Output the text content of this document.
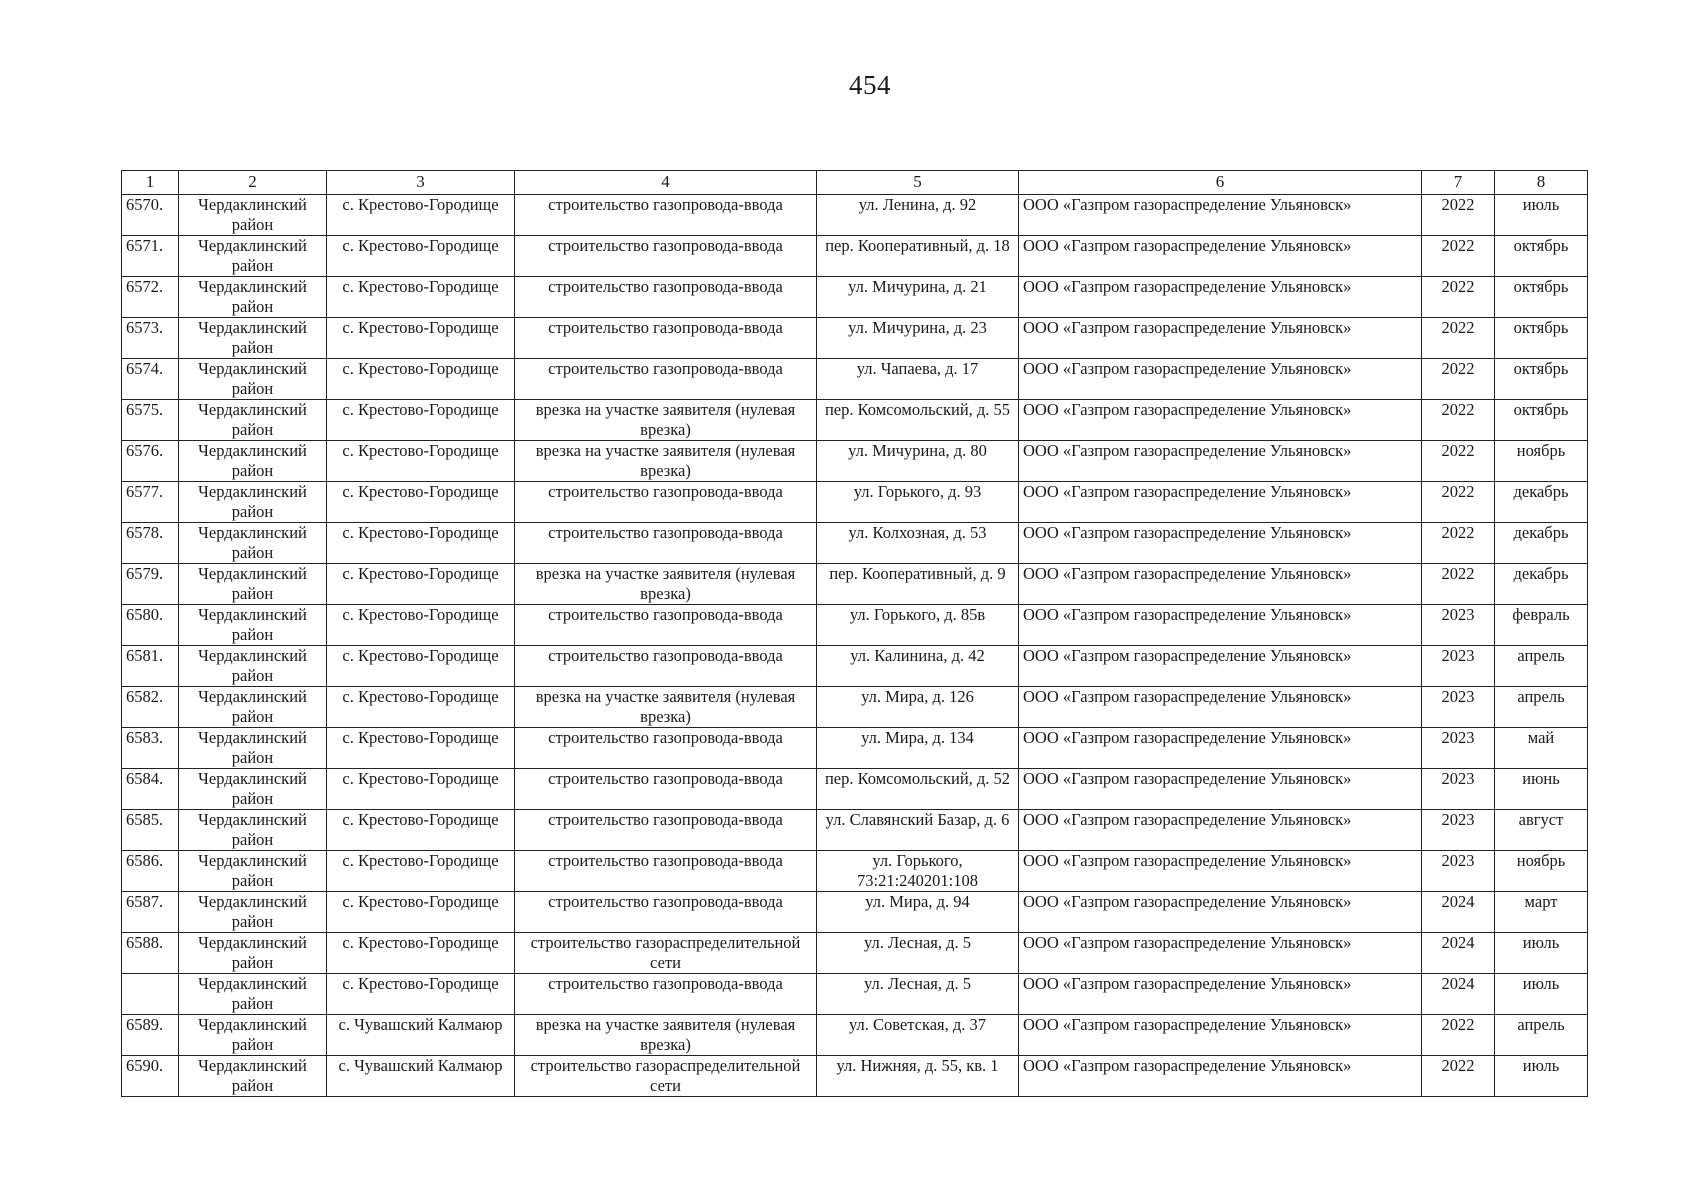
454
1	2	3	4	5	6	7	8
6570.	Чердаклинский район	с. Крестово-Городище	строительство газопровода-ввода	ул. Ленина, д. 92	ООО «Газпром газораспределение Ульяновск»	2022	июль
6571.	Чердаклинский район	с. Крестово-Городище	строительство газопровода-ввода	пер. Кооперативный, д. 18	ООО «Газпром газораспределение Ульяновск»	2022	октябрь
6572.	Чердаклинский район	с. Крестово-Городище	строительство газопровода-ввода	ул. Мичурина, д. 21	ООО «Газпром газораспределение Ульяновск»	2022	октябрь
6573.	Чердаклинский район	с. Крестово-Городище	строительство газопровода-ввода	ул. Мичурина, д. 23	ООО «Газпром газораспределение Ульяновск»	2022	октябрь
6574.	Чердаклинский район	с. Крестово-Городище	строительство газопровода-ввода	ул. Чапаева, д. 17	ООО «Газпром газораспределение Ульяновск»	2022	октябрь
6575.	Чердаклинский район	с. Крестово-Городище	врезка на участке заявителя (нулевая врезка)	пер. Комсомольский, д. 55	ООО «Газпром газораспределение Ульяновск»	2022	октябрь
6576.	Чердаклинский район	с. Крестово-Городище	врезка на участке заявителя (нулевая врезка)	ул. Мичурина, д. 80	ООО «Газпром газораспределение Ульяновск»	2022	ноябрь
6577.	Чердаклинский район	с. Крестово-Городище	строительство газопровода-ввода	ул. Горького, д. 93	ООО «Газпром газораспределение Ульяновск»	2022	декабрь
6578.	Чердаклинский район	с. Крестово-Городище	строительство газопровода-ввода	ул. Колхозная, д. 53	ООО «Газпром газораспределение Ульяновск»	2022	декабрь
6579.	Чердаклинский район	с. Крестово-Городище	врезка на участке заявителя (нулевая врезка)	пер. Кооперативный, д. 9	ООО «Газпром газораспределение Ульяновск»	2022	декабрь
6580.	Чердаклинский район	с. Крестово-Городище	строительство газопровода-ввода	ул. Горького, д. 85в	ООО «Газпром газораспределение Ульяновск»	2023	февраль
6581.	Чердаклинский район	с. Крестово-Городище	строительство газопровода-ввода	ул. Калинина, д. 42	ООО «Газпром газораспределение Ульяновск»	2023	апрель
6582.	Чердаклинский район	с. Крестово-Городище	врезка на участке заявителя (нулевая врезка)	ул. Мира, д. 126	ООО «Газпром газораспределение Ульяновск»	2023	апрель
6583.	Чердаклинский район	с. Крестово-Городище	строительство газопровода-ввода	ул. Мира, д. 134	ООО «Газпром газораспределение Ульяновск»	2023	май
6584.	Чердаклинский район	с. Крестово-Городище	строительство газопровода-ввода	пер. Комсомольский, д. 52	ООО «Газпром газораспределение Ульяновск»	2023	июнь
6585.	Чердаклинский район	с. Крестово-Городище	строительство газопровода-ввода	ул. Славянский Базар, д. 6	ООО «Газпром газораспределение Ульяновск»	2023	август
6586.	Чердаклинский район	с. Крестово-Городище	строительство газопровода-ввода	ул. Горького, 73:21:240201:108	ООО «Газпром газораспределение Ульяновск»	2023	ноябрь
6587.	Чердаклинский район	с. Крестово-Городище	строительство газопровода-ввода	ул. Мира, д. 94	ООО «Газпром газораспределение Ульяновск»	2024	март
6588.	Чердаклинский район	с. Крестово-Городище	строительство газораспределительной сети	ул. Лесная, д. 5	ООО «Газпром газораспределение Ульяновск»	2024	июль
	Чердаклинский район	с. Крестово-Городище	строительство газопровода-ввода	ул. Лесная, д. 5	ООО «Газпром газораспределение Ульяновск»	2024	июль
6589.	Чердаклинский район	с. Чувашский Калмаюр	врезка на участке заявителя (нулевая врезка)	ул. Советская, д. 37	ООО «Газпром газораспределение Ульяновск»	2022	апрель
6590.	Чердаклинский район	с. Чувашский Калмаюр	строительство газораспределительной сети	ул. Нижняя, д. 55, кв. 1	ООО «Газпром газораспределение Ульяновск»	2022	июль
